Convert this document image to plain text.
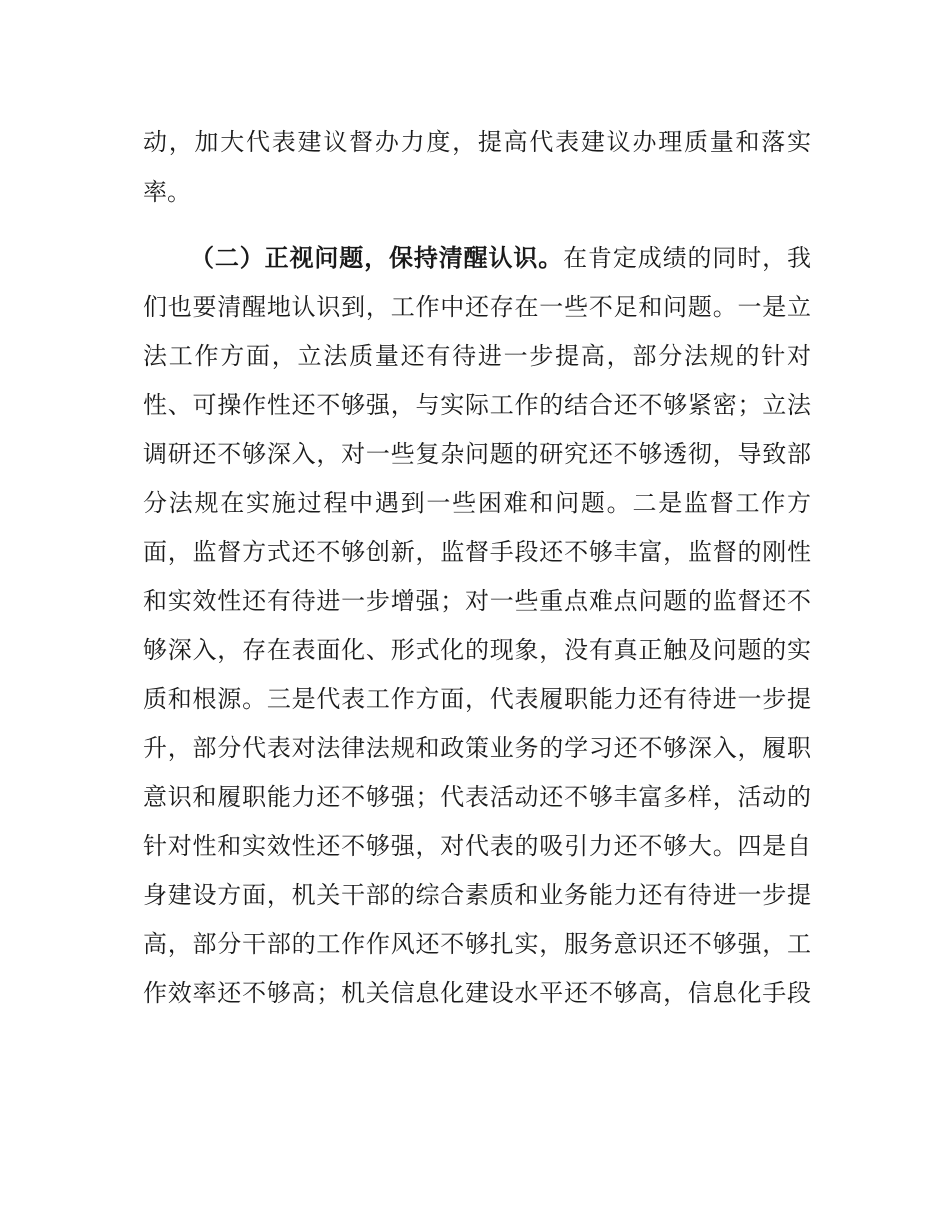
动，加大代表建议督办力度，提高代表建议办理质量和落实
率。
（二）正视问题，保持清醒认识。在肯定成绩的同时，我
们也要清醒地认识到，工作中还存在一些不足和问题。一是立
法工作方面，立法质量还有待进一步提高，部分法规的针对
性、可操作性还不够强，与实际工作的结合还不够紧密；立法
调研还不够深入，对一些复杂问题的研究还不够透彻，导致部
分法规在实施过程中遇到一些困难和问题。二是监督工作方
面，监督方式还不够创新，监督手段还不够丰富，监督的刚性
和实效性还有待进一步增强；对一些重点难点问题的监督还不
够深入，存在表面化、形式化的现象，没有真正触及问题的实
质和根源。三是代表工作方面，代表履职能力还有待进一步提
升，部分代表对法律法规和政策业务的学习还不够深入，履职
意识和履职能力还不够强；代表活动还不够丰富多样，活动的
针对性和实效性还不够强，对代表的吸引力还不够大。四是自
身建设方面，机关干部的综合素质和业务能力还有待进一步提
高，部分干部的工作作风还不够扎实，服务意识还不够强，工
作效率还不够高；机关信息化建设水平还不够高，信息化手段
